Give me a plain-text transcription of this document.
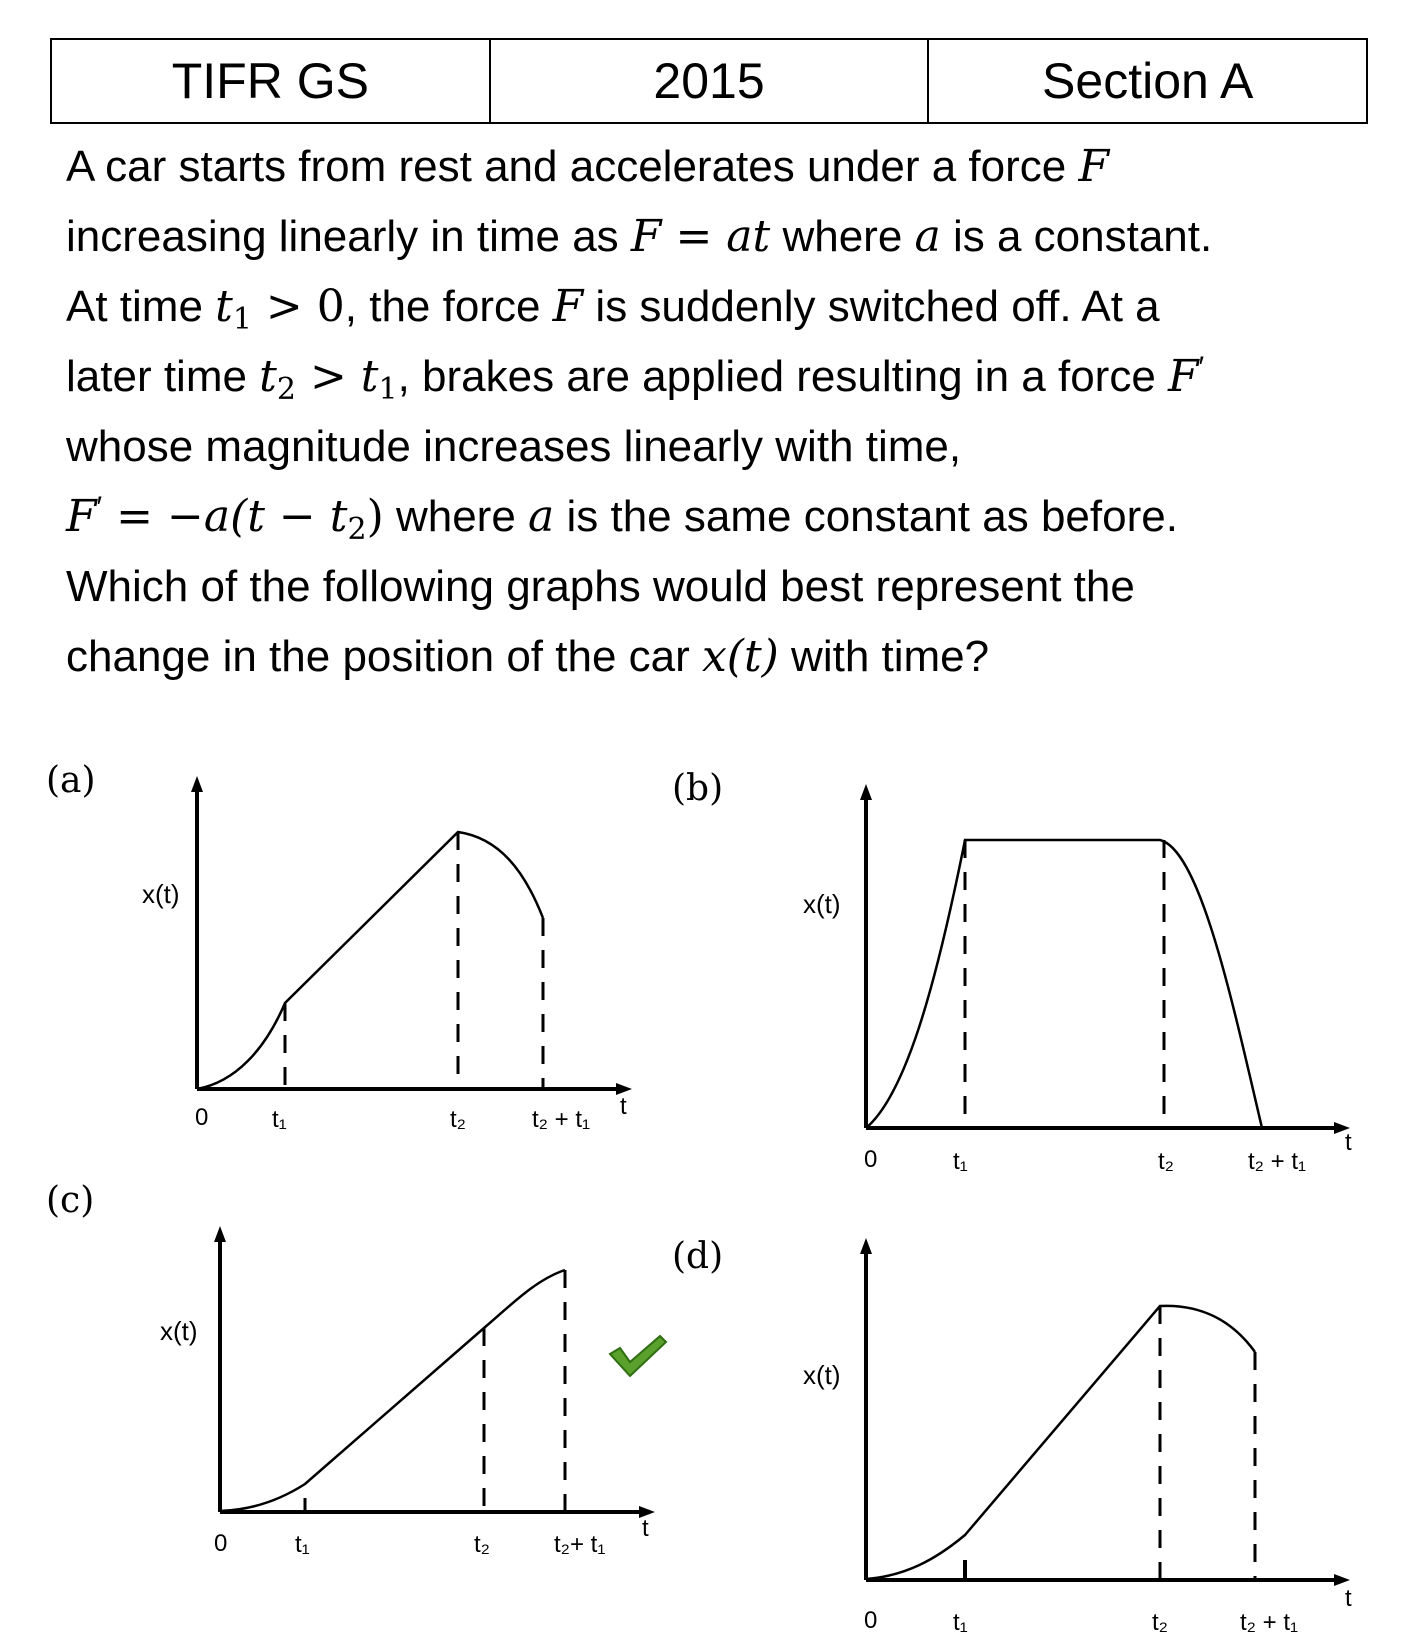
TIFR GS	2015	Section A
A car starts from rest and accelerates under a force F
increasing linearly in time as F = at where a is a constant.
At time $t_1 > 0$, the force F is suddenly switched off. At a
later time $t_2 > t_1$, brakes are applied resulting in a force F′
whose magnitude increases linearly with time,
$F' = -a(t - t_2)$ where a is the same constant as before.
Which of the following graphs would best represent the
change in the position of the car x(t) with time?
(a)	(b)
(c)
(d)
x(t)
0	t₁	t₂	t₂ + t₁ t
x(t)
0	t₁	t₂	t₂ + t₁
t
x(t)
0	t₁	t₂	t₂+ t₁
t
x(t)
0	t₁	t₂	t₂ + t₁
t
